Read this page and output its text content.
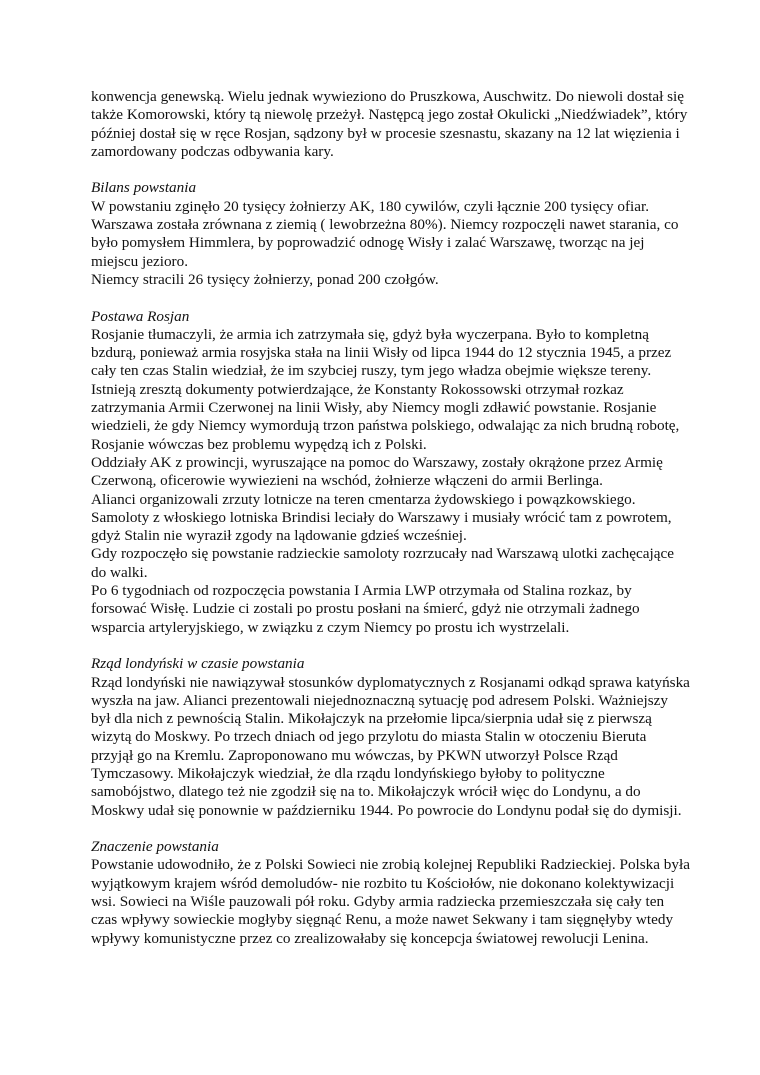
konwencja genewską. Wielu jednak wywieziono do Pruszkowa, Auschwitz. Do niewoli dostał się także Komorowski, który tą niewolę przeżył. Następcą jego został Okulicki „Niedźwiadek”, który później dostał się w ręce Rosjan, sądzony był w procesie szesnastu, skazany na 12 lat więzienia i zamordowany podczas odbywania kary.

Bilans powstania

W powstaniu zginęło 20 tysięcy żołnierzy AK, 180 cywilów, czyli łącznie 200 tysięcy ofiar. Warszawa została zrównana z ziemią ( lewobrzeżna 80%). Niemcy rozpoczęli nawet starania, co było pomysłem Himmlera, by poprowadzić odnogę Wisły i zalać Warszawę, tworząc na jej miejscu jezioro.

Niemcy stracili 26 tysięcy żołnierzy, ponad 200 czołgów.

Postawa Rosjan

Rosjanie tłumaczyli, że armia ich zatrzymała się, gdyż była wyczerpana. Było to kompletną bzdurą, ponieważ armia rosyjska stała na linii Wisły od lipca 1944 do 12 stycznia 1945, a przez cały ten czas Stalin wiedział, że im szybciej ruszy, tym jego władza obejmie większe tereny. Istnieją zresztą dokumenty potwierdzające, że Konstanty Rokossowski otrzymał rozkaz zatrzymania Armii Czerwonej na linii Wisły, aby Niemcy mogli zdławić powstanie. Rosjanie wiedzieli, że gdy Niemcy wymordują trzon państwa polskiego, odwalając za nich brudną robotę, Rosjanie wówczas bez problemu wypędzą ich z Polski.

Oddziały AK z prowincji, wyruszające na pomoc do Warszawy, zostały okrążone przez Armię Czerwoną, oficerowie wywiezieni na wschód, żołnierze włączeni do armii Berlinga.

Alianci organizowali zrzuty lotnicze na teren cmentarza żydowskiego i powązkowskiego.

Samoloty z włoskiego lotniska Brindisi leciały do Warszawy i musiały wrócić tam z powrotem, gdyż Stalin nie wyraził zgody na lądowanie gdzieś wcześniej.

Gdy rozpoczęło się powstanie radzieckie samoloty rozrzucały nad Warszawą ulotki zachęcające do walki.

Po 6 tygodniach od rozpoczęcia powstania I Armia LWP otrzymała od Stalina rozkaz, by forsować Wisłę. Ludzie ci zostali po prostu posłani na śmierć, gdyż nie otrzymali żadnego wsparcia artyleryjskiego, w związku z czym Niemcy po prostu ich wystrzelali.

Rząd londyński w czasie powstania

Rząd londyński nie nawiązywał stosunków dyplomatycznych z Rosjanami odkąd sprawa katyńska wyszła na jaw. Alianci prezentowali niejednoznaczną sytuację pod adresem Polski. Ważniejszy był dla nich z pewnością Stalin. Mikołajczyk na przełomie lipca/sierpnia udał się z pierwszą wizytą do Moskwy. Po trzech dniach od jego przylotu do miasta Stalin w otoczeniu Bieruta przyjął go na Kremlu. Zaproponowano mu wówczas, by PKWN utworzył Polsce Rząd Tymczasowy. Mikołajczyk wiedział, że dla rządu londyńskiego byłoby to polityczne samobójstwo, dlatego też nie zgodził się na to. Mikołajczyk wrócił więc do Londynu, a do Moskwy udał się ponownie w październiku 1944. Po powrocie do Londynu podał się do dymisji.

Znaczenie powstania

Powstanie udowodniło, że z Polski Sowieci nie zrobią kolejnej Republiki Radzieckiej. Polska była wyjątkowym krajem wśród demoludów- nie rozbito tu Kościołów, nie dokonano kolektywizacji wsi. Sowieci na Wiśle pauzowali pół roku. Gdyby armia radziecka przemieszczała się cały ten czas wpływy sowieckie mogłyby sięgnąć Renu, a może nawet Sekwany i tam sięgnęłyby wtedy wpływy komunistyczne przez co zrealizowałaby się koncepcja światowej rewolucji Lenina.
